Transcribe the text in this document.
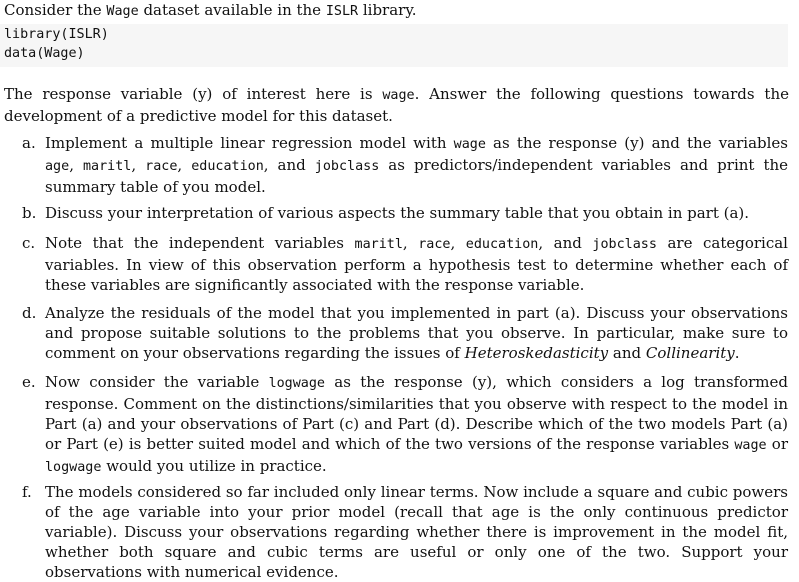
Consider the Wage dataset available in the ISLR library.
library(ISLR)
data(Wage)
The response variable (y) of interest here is wage. Answer the following questions towards the development of a predictive model for this dataset.
a. Implement a multiple linear regression model with wage as the response (y) and the variables age, maritl, race, education, and jobclass as predictors/independent variables and print the summary table of you model.
b. Discuss your interpretation of various aspects the summary table that you obtain in part (a).
c. Note that the independent variables maritl, race, education, and jobclass are categorical variables. In view of this observation perform a hypothesis test to determine whether each of these variables are significantly associated with the response variable.
d. Analyze the residuals of the model that you implemented in part (a). Discuss your observations and propose suitable solutions to the problems that you observe. In particular, make sure to comment on your observations regarding the issues of Heteroskedasticity and Collinearity.
e. Now consider the variable logwage as the response (y), which considers a log transformed response. Comment on the distinctions/similarities that you observe with respect to the model in Part (a) and your observations of Part (c) and Part (d). Describe which of the two models Part (a) or Part (e) is better suited model and which of the two versions of the response variables wage or logwage would you utilize in practice.
f. The models considered so far included only linear terms. Now include a square and cubic powers of the age variable into your prior model (recall that age is the only continuous predictor variable). Discuss your observations regarding whether there is improvement in the model fit, whether both square and cubic terms are useful or only one of the two. Support your observations with numerical evidence.
